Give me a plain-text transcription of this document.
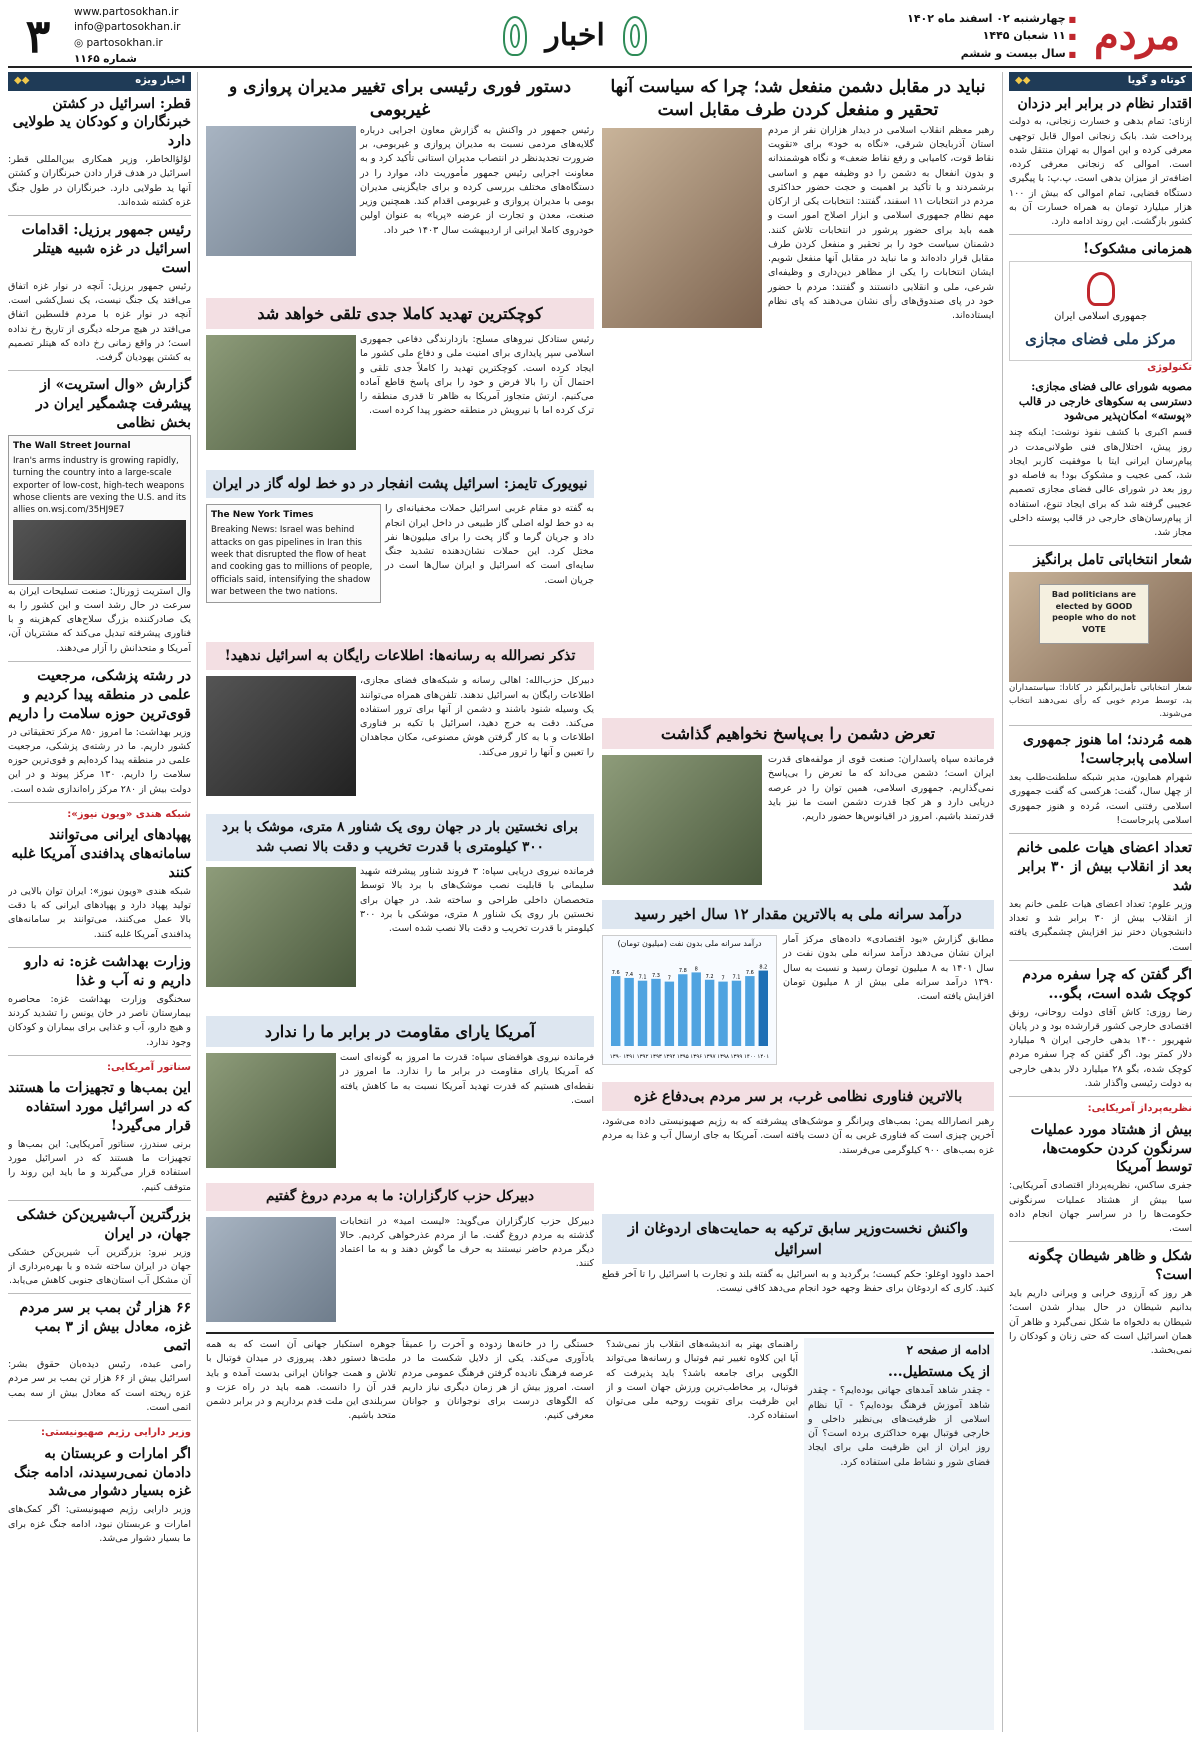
مردم
■ چهارشنبه ۰۲ اسفند ماه ۱۴۰۲
■ ۱۱ شعبان ۱۴۴۵
■ سال بیست و ششم
اخبار
www.partosokhan.ir
info@partosokhan.ir
◎ partosokhan.ir
شماره ۱۱۶۵
۳
کوتاه و گویا
◆◆
اقتدار نظام در برابر ابر دزدان
ازنای: تمام بدهی و خسارت زنجانی، به دولت پرداخت شد. بابک زنجانی اموال قابل توجهی معرفی کرده و این اموال به تهران منتقل شده است. اموالی که زنجانی معرفی کرده، اضافه‌تر از میزان بدهی است. پ.پ: با پیگیری دستگاه قضایی، تمام اموالی که بیش از ۱۰۰ هزار میلیارد تومان به همراه خسارت آن به کشور بازگشت. این روند ادامه دارد.
همزمانی مشکوک!
جمهوری اسلامی ایران
مرکز ملی فضای مجازی
تکنولوژی
مصوبه شورای عالی فضای مجازی: دسترسی به سکوهای خارجی در قالب «پوسته» امکان‌پذیر می‌شود
قسم اکبری با کشف نفوذ نوشت: اینکه چند روز پیش، اختلال‌های فنی طولانی‌مدت در پیام‌رسان ایرانی ایتا با موفقیت کاربر ایجاد شد، کمی عجیب و مشکوک بود! به فاصله دو روز بعد در شورای عالی فضای مجازی تصمیم عجیبی گرفته شد که برای ایجاد تنوع، استفاده از پیام‌رسان‌های خارجی در قالب پوسته داخلی مجاز شد.
شعار انتخاباتی تامل برانگیز
Bad politicians are elected by GOOD people who do not VOTE
شعار انتخاباتی تأمل‌برانگیز در کانادا: سیاستمداران بد، توسط مردم خوبی که رأی نمی‌دهند انتخاب می‌شوند.
همه مُردند؛ اما هنوز جمهوری اسلامی پابرجاست!
شهرام همایون، مدیر شبکه سلطنت‌طلب بعد از چهل سال، گفت: هرکسی که گفت جمهوری اسلامی رفتنی است، مُرده و هنوز جمهوری اسلامی پابرجاست!
تعداد اعضای هیات علمی خانم بعد از انقلاب بیش از ۳۰ برابر شد
وزیر علوم: تعداد اعضای هیات علمی خانم بعد از انقلاب بیش از ۳۰ برابر شد و تعداد دانشجویان دختر نیز افزایش چشمگیری یافته است.
اگر گفتن که چرا سفره مردم کوچک شده است، بگو...
رضا روزی: کاش آقای دولت روحانی، رونق اقتصادی خارجی کشور قرارشده بود و در پایان شهریور ۱۴۰۰ بدهی خارجی ایران ۹ میلیارد دلار کمتر بود. اگر گفتن که چرا سفره مردم کوچک شده، بگو ۲۸ میلیارد دلار بدهی خارجی به دولت رئیسی واگذار شد.
نظریه‌پرداز آمریکایی:
بیش از هشتاد مورد عملیات سرنگون کردن حکومت‌ها، توسط آمریکا
جفری ساکس، نظریه‌پرداز اقتصادی آمریکایی: سیا بیش از هشتاد عملیات سرنگونی حکومت‌ها را در سراسر جهان انجام داده است.
شکل و ظاهر شیطان چگونه است؟
هر روز که آرزوی خرابی و ویرانی داریم باید بدانیم شیطان در حال بیدار شدن است؛ شیطان به دلخواه ما شکل نمی‌گیرد و ظاهر آن همان اسرائیل است که حتی زنان و کودکان را نمی‌بخشد.
اخبار ویژه
◆◆
قطر: اسرائیل در کشتن خبرنگاران و کودکان ید طولایی دارد
لؤلؤالخاطر، وزیر همکاری بین‌المللی قطر: اسرائیل در هدف قرار دادن خبرنگاران و کشتن آنها ید طولایی دارد. خبرنگاران در طول جنگ غزه کشته شده‌اند.
رئیس جمهور برزیل: اقدامات اسرائیل در غزه شبیه هیتلر است
رئیس جمهور برزیل: آنچه در نوار غزه اتفاق می‌افتد یک جنگ نیست، یک نسل‌کشی است. آنچه در نوار غزه با مردم فلسطین اتفاق می‌افتد در هیچ مرحله دیگری از تاریخ رخ نداده است؛ در واقع زمانی رخ داده که هیتلر تصمیم به کشتن یهودیان گرفت.
گزارش «وال استریت» از پیشرفت چشمگیر ایران در بخش نظامی
The Wall Street Journal
Iran's arms industry is growing rapidly, turning the country into a large-scale exporter of low-cost, high-tech weapons whose clients are vexing the U.S. and its allies on.wsj.com/35HJ9E7
وال استریت ژورنال: صنعت تسلیحات ایران به سرعت در حال رشد است و این کشور را به یک صادرکننده بزرگ سلاح‌های کم‌هزینه و با فناوری پیشرفته تبدیل می‌کند که مشتریان آن، آمریکا و متحدانش را آزار می‌دهند.
در رشته پزشکی، مرجعیت علمی در منطقه پیدا کردیم و قوی‌ترین حوزه سلامت را داریم
وزیر بهداشت: ما امروز ۸۵۰ مرکز تحقیقاتی در کشور داریم. ما در رشته‌ی پزشکی، مرجعیت علمی در منطقه پیدا کرده‌ایم و قوی‌ترین حوزه سلامت را داریم. ۱۳۰ مرکز پیوند و در این دولت بیش از ۲۸۰ مرکز راه‌اندازی شده است.
شبکه هندی «ویون نیوز»:
پهپادهای ایرانی می‌توانند سامانه‌های پدافندی آمریکا غلبه کنند
شبکه هندی «ویون نیوز»: ایران توان بالایی در تولید پهپاد دارد و پهپادهای ایرانی که با دقت بالا عمل می‌کنند، می‌توانند بر سامانه‌های پدافندی آمریکا غلبه کنند.
وزارت بهداشت غزه: نه دارو داریم و نه آب و غذا
سخنگوی وزارت بهداشت غزه: محاصره بیمارستان ناصر در خان یونس را تشدید کردند و هیچ دارو، آب و غذایی برای بیماران و کودکان وجود ندارد.
سناتور آمریکایی:
این بمب‌ها و تجهیزات ما هستند که در اسرائیل مورد استفاده قرار می‌گیرد!
برنی سندرز، سناتور آمریکایی: این بمب‌ها و تجهیزات ما هستند که در اسرائیل مورد استفاده قرار می‌گیرند و ما باید این روند را متوقف کنیم.
بزرگترین آب‌شیرین‌کن خشکی جهان، در ایران
وزیر نیرو: بزرگترین آب شیرین‌کن خشکی جهان در ایران ساخته شده و با بهره‌برداری از آن مشکل آب استان‌های جنوبی کاهش می‌یابد.
۶۶ هزار تُن بمب بر سر مردم غزه، معادل بیش از ۳ بمب اتمی
رامی عبده، رئیس دیده‌بان حقوق بشر: اسرائیل بیش از ۶۶ هزار تن بمب بر سر مردم غزه ریخته است که معادل بیش از سه بمب اتمی است.
وزیر دارایی رژیم صهیونیستی:
اگر امارات و عربستان به دادمان نمی‌رسیدند، ادامه جنگ غزه بسیار دشوار می‌شد
وزیر دارایی رژیم صهیونیستی: اگر کمک‌های امارات و عربستان نبود، ادامه جنگ غزه برای ما بسیار دشوار می‌شد.
نباید در مقابل دشمن منفعل شد؛ چرا که سیاست آنها تحقیر و منفعل کردن طرف مقابل است
رهبر معظم انقلاب اسلامی در دیدار هزاران نفر از مردم استان آذربایجان شرقی، «نگاه به خود» برای «تقویت نقاط قوت، کامیابی و رفع نقاط ضعف» و نگاه هوشمندانه و بدون انفعال به دشمن را دو وظیفه مهم و اساسی برشمردند و با تأکید بر اهمیت و حجت حضور حداکثری مردم در انتخابات ۱۱ اسفند، گفتند: انتخابات یکی از ارکان مهم نظام جمهوری اسلامی و ابزار اصلاح امور است و همه باید برای حضور پرشور در انتخابات تلاش کنند. دشمنان سیاست خود را بر تحقیر و منفعل کردن طرف مقابل قرار داده‌اند و ما نباید در مقابل آنها منفعل شویم. ایشان انتخابات را یکی از مظاهر دین‌داری و وظیفه‌ای شرعی، ملی و انقلابی دانستند و گفتند: مردم با حضور خود در پای صندوق‌های رأی نشان می‌دهند که پای نظام ایستاده‌اند.
دستور فوری رئیسی برای تغییر مدیران پروازی و غیربومی
رئیس جمهور در واکنش به گزارش معاون اجرایی درباره گلایه‌های مردمی نسبت به مدیران پروازی و غیربومی، بر ضرورت تجدیدنظر در انتصاب مدیران استانی تأکید کرد و به معاونت اجرایی رئیس جمهور مأموریت داد، موارد را در دستگاه‌های مختلف بررسی کرده و برای جایگزینی مدیران بومی با مدیران پروازی و غیربومی اقدام کند. همچنین وزیر صنعت، معدن و تجارت از عرضه «پریا» به عنوان اولین خودروی کاملا ایرانی از اردیبهشت سال ۱۴۰۳ خبر داد.
کوچکترین تهدید کاملا جدی تلقی خواهد شد
رئیس ستادکل نیروهای مسلح: بازدارندگی دفاعی جمهوری اسلامی سپر پایداری برای امنیت ملی و دفاع ملی کشور ما ایجاد کرده است. کوچکترین تهدید را کاملاً جدی تلقی و احتمال آن را بالا فرض و خود را برای پاسخ قاطع آماده می‌کنیم. ارتش متجاوز آمریکا به ظاهر تا قدری منطقه را ترک کرده اما با نیرویش در منطقه حضور پیدا کرده است.
نیویورک تایمز: اسرائیل پشت انفجار در دو خط لوله گاز در ایران
The New York Times
Breaking News: Israel was behind attacks on gas pipelines in Iran this week that disrupted the flow of heat and cooking gas to millions of people, officials said, intensifying the shadow war between the two nations.
به گفته دو مقام غربی اسرائیل حملات مخفیانه‌ای را به دو خط لوله اصلی گاز طبیعی در داخل ایران انجام داد و جریان گرما و گاز پخت را برای میلیون‌ها نفر مختل کرد. این حملات نشان‌دهنده تشدید جنگ سایه‌ای است که اسرائیل و ایران سال‌ها است در جریان است.
تذکر نصرالله به رسانه‌ها: اطلاعات رایگان به اسرائیل ندهید!
دبیرکل حزب‌الله: اهالی رسانه و شبکه‌های فضای مجازی، اطلاعات رایگان به اسرائیل ندهند. تلفن‌های همراه می‌توانند یک وسیله شنود باشند و دشمن از آنها برای ترور استفاده می‌کند. دقت به خرج دهید، اسرائیل با تکیه بر فناوری اطلاعات و با به کار گرفتن هوش مصنوعی، مکان مجاهدان را تعیین و آنها را ترور می‌کند.
برای نخستین بار در جهان روی یک شناور ۸ متری، موشک با برد ۳۰۰ کیلومتری با قدرت تخریب و دقت بالا نصب شد
فرمانده نیروی دریایی سپاه: ۳ فروند شناور پیشرفته شهید سلیمانی با قابلیت نصب موشک‌های با برد بالا توسط متخصصان داخلی طراحی و ساخته شد. در جهان برای نخستین بار روی یک شناور ۸ متری، موشکی با برد ۳۰۰ کیلومتر با قدرت تخریب و دقت بالا نصب شده است.
آمریکا یارای مقاومت در برابر ما را ندارد
فرمانده نیروی هوافضای سپاه: قدرت ما امروز به گونه‌ای است که آمریکا یارای مقاومت در برابر ما را ندارد. ما امروز در نقطه‌ای هستیم که قدرت تهدید آمریکا نسبت به ما کاهش یافته است.
دبیرکل حزب کارگزاران: ما به مردم دروغ گفتیم
دبیرکل حزب کارگزاران می‌گوید: «لیست امید» در انتخابات گذشته به مردم دروغ گفت. ما از مردم عذرخواهی کردیم. حالا دیگر مردم حاضر نیستند به حرف ما گوش دهند و به ما اعتماد کنند.
تعرض دشمن را بی‌پاسخ نخواهیم گذاشت
فرمانده سپاه پاسداران: صنعت قوی از مولفه‌های قدرت ایران است؛ دشمن می‌داند که ما تعرض را بی‌پاسخ نمی‌گذاریم. جمهوری اسلامی، همین توان را در عرصه دریایی دارد و هر کجا قدرت دشمن است ما نیز باید قدرتمند باشیم. امروز در اقیانوس‌ها حضور داریم.
درآمد سرانه ملی به بالاترین مقدار ۱۲ سال اخیر رسید
درآمد سرانه ملی بدون نفت (میلیون تومان)
۱۳۹۰
7.6
۱۳۹۱
7.4
۱۳۹۲
7.1
۱۳۹۳
7.3
۱۳۹۴
7
۱۳۹۵
7.8
۱۳۹۶
8
۱۳۹۷
7.2
۱۳۹۸
7
۱۳۹۹
7.1
۱۴۰۰
7.6
۱۴۰۱
8.2
مطابق گزارش «بود اقتصادی» داده‌های مرکز آمار ایران نشان می‌دهد درآمد سرانه ملی بدون نفت در سال ۱۴۰۱ به ۸ میلیون تومان رسید و نسبت به سال ۱۳۹۰ درآمد سرانه ملی بیش از ۸ میلیون تومان افزایش یافته است.
بالاترین فناوری نظامی غرب، بر سر مردم بی‌دفاع غزه
رهبر انصارالله یمن: بمب‌های ویرانگر و موشک‌های پیشرفته که به رژیم صهیونیستی داده می‌شود، آخرین چیزی است که فناوری غربی به آن دست یافته است. آمریکا به جای ارسال آب و غذا به مردم غزه بمب‌های ۹۰۰ کیلوگرمی می‌فرستد.
واکنش نخست‌وزیر سابق ترکیه به حمایت‌های اردوغان از اسرائیل
احمد داوود اوغلو: حکم کیست؛ برگردید و به اسرائیل به گفته بلند و تجارت با اسرائیل را تا آخر قطع کنید. کاری که اردوغان برای حفظ وجهه خود انجام می‌دهد کافی نیست.
ادامه از صفحه ۲
از یک مستطیل...
- چقدر شاهد آمدهای جهانی بوده‌ایم؟ - چقدر شاهد آموزش فرهنگ بوده‌ایم؟ - آیا نظام اسلامی از ظرفیت‌های بی‌نظیر داخلی و خارجی فوتبال بهره حداکثری برده است؟ آن روز ایران از این ظرفیت ملی برای ایجاد فضای شور و نشاط ملی استفاده کرد.
راهنمای بهتر به اندیشه‌های انقلاب باز نمی‌شد؟ آیا این کلاوه تغییر تیم فوتبال و رسانه‌ها می‌تواند الگویی برای جامعه باشد؟ باید پذیرفت که فوتبال، پر مخاطب‌ترین ورزش جهان است و از این ظرفیت برای تقویت روحیه ملی می‌توان استفاده کرد.
خستگی را در خانه‌ها زدوده و آخرت را عمیقاً یادآوری می‌کند. یکی از دلایل شکست ما در عرصه فرهنگ نادیده گرفتن فرهنگ عمومی مردم است. امروز بیش از هر زمان دیگری نیاز داریم که الگوهای درست برای نوجوانان و جوانان معرفی کنیم.
جوهره استکبار جهانی آن است که به همه ملت‌ها دستور دهد. پیروزی در میدان فوتبال با تلاش و همت جوانان ایرانی بدست آمده و باید قدر آن را دانست. همه باید در راه عزت و سربلندی این ملت قدم برداریم و در برابر دشمن متحد باشیم.
